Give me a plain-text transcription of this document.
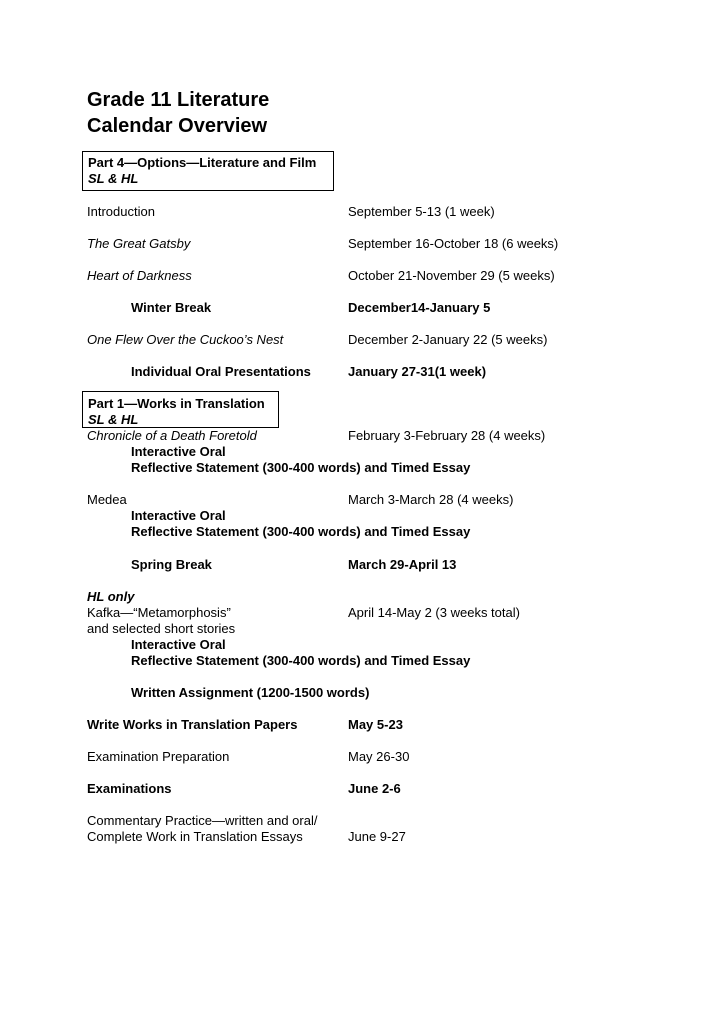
Grade 11 Literature
Calendar Overview
Part 4—Options—Literature and Film
SL & HL
Introduction	September 5-13 (1 week)
The Great Gatsby	September 16-October 18 (6 weeks)
Heart of Darkness	October 21-November 29 (5 weeks)
Winter Break	December14-January 5
One Flew Over the Cuckoo’s Nest	December 2-January 22 (5 weeks)
Individual Oral Presentations	January 27-31(1 week)
Part 1—Works in Translation
SL & HL
Chronicle of a Death Foretold	February 3-February 28 (4 weeks)
Interactive Oral
Reflective Statement (300-400 words) and Timed Essay
Medea	March 3-March 28 (4 weeks)
Interactive Oral
Reflective Statement (300-400 words) and Timed Essay
Spring Break	March 29-April 13
HL only
Kafka—“Metamorphosis”	April 14-May 2 (3 weeks total)
and selected short stories
Interactive Oral
Reflective Statement (300-400 words) and Timed Essay
Written Assignment (1200-1500 words)
Write Works in Translation Papers	May 5-23
Examination Preparation	May 26-30
Examinations	June 2-6
Commentary Practice—written and oral/
Complete Work in Translation Essays	June 9-27
